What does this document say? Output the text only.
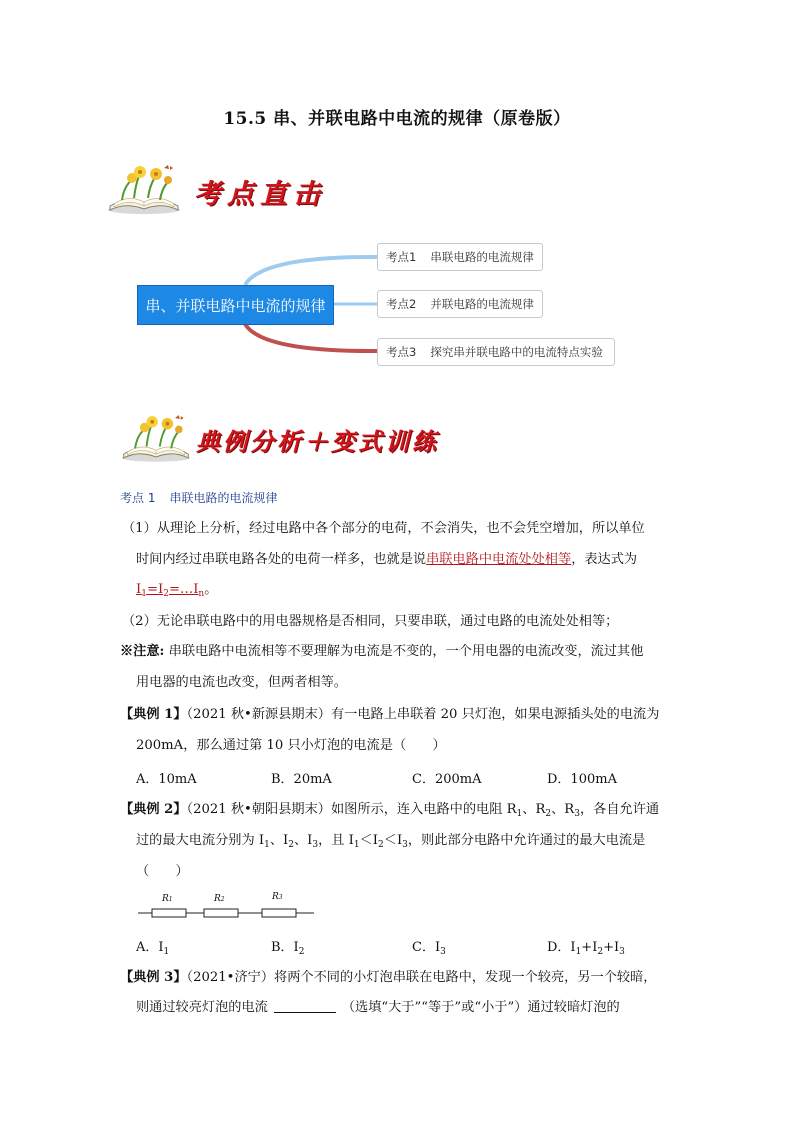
15.5 串、并联电路中电流的规律（原卷版）
考点直击
串、并联电路中电流的规律
考点1 串联电路的电流规律
考点2 并联电路的电流规律
考点3 探究串并联电路中的电流特点实验
典例分析＋变式训练
考点 1 串联电路的电流规律
（1）从理论上分析，经过电路中各个部分的电荷，不会消失，也不会凭空增加，所以单位
时间内经过串联电路各处的电荷一样多，也就是说串联电路中电流处处相等，表达式为
$I_1=I_2=\dots I_n$。
（2）无论串联电路中的用电器规格是否相同，只要串联，通过电路的电流处处相等；
※注意: 串联电路中电流相等不要理解为电流是不变的，一个用电器的电流改变，流过其他
用电器的电流也改变，但两者相等。
【典例 1】（2021 秋•新源县期末）有一电路上串联着 20 只灯泡，如果电源插头处的电流为
200mA，那么通过第 10 只小灯泡的电流是（　　）
A．10mA	B．20mA	C．200mA	D．100mA
【典例 2】（2021 秋•朝阳县期末）如图所示，连入电路中的电阻 $R_1$、$R_2$、$R_3$，各自允许通
过的最大电流分别为 $I_1$、$I_2$、$I_3$，且 $I_1<I_2<I_3$，则此部分电路中允许通过的最大电流是
（　　）
R1	R2	R3
A．$I_1$	B．$I_2$	C．$I_3$	D．$I_1+I_2+I_3$
【典例 3】（2021•济宁）将两个不同的小灯泡串联在电路中，发现一个较亮，另一个较暗，
则通过较亮灯泡的电流	（选填“大于”“等于”或“小于”）通过较暗灯泡的
